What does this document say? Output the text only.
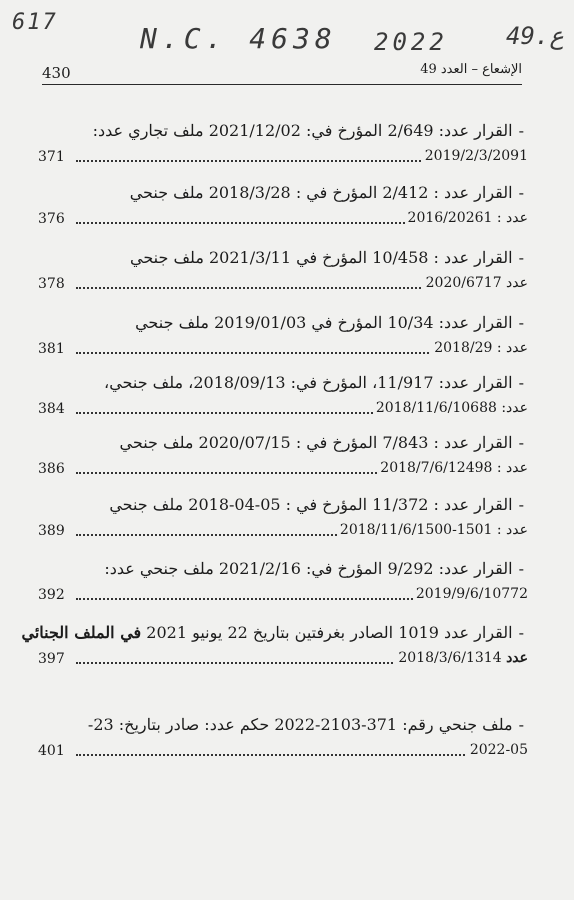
617	N.C. 4638 2022 49.ع
430	الإشعاع – العدد 49
-القرار عدد: 2/649 المؤرخ في: 2021/12/02 ملف تجاري عدد:
2019/2/3/2091
371
-القرار عدد : 2/412 المؤرخ في : 2018/3/28 ملف جنحي
عدد : 2016/20261
376
-القرار عدد : 10/458 المؤرخ في 2021/3/11 ملف جنحي
عدد 2020/6717
378
-القرار عدد: 10/34 المؤرخ في 2019/01/03 ملف جنحي
عدد : 2018/29
381
-القرار عدد: 11/917، المؤرخ في: 2018/09/13، ملف جنحي،
عدد: 2018/11/6/10688
384
-القرار عدد : 7/843 المؤرخ في : 2020/07/15 ملف جنحي
عدد : 2018/7/6/12498
386
-القرار عدد : 11/372 المؤرخ في : 05-04-2018 ملف جنحي
عدد : 1501-2018/11/6/1500
389
-القرار عدد: 9/292 المؤرخ في: 2021/2/16 ملف جنحي عدد:
2019/9/6/10772
392
-القرار عدد 1019 الصادر بغرفتين بتاريخ 22 يونيو 2021 في الملف الجنائي
عدد 2018/3/6/1314
397
-ملف جنحي رقم: 371-2103-2022 حكم عدد: صادر بتاريخ: 23-
2022-05
401
